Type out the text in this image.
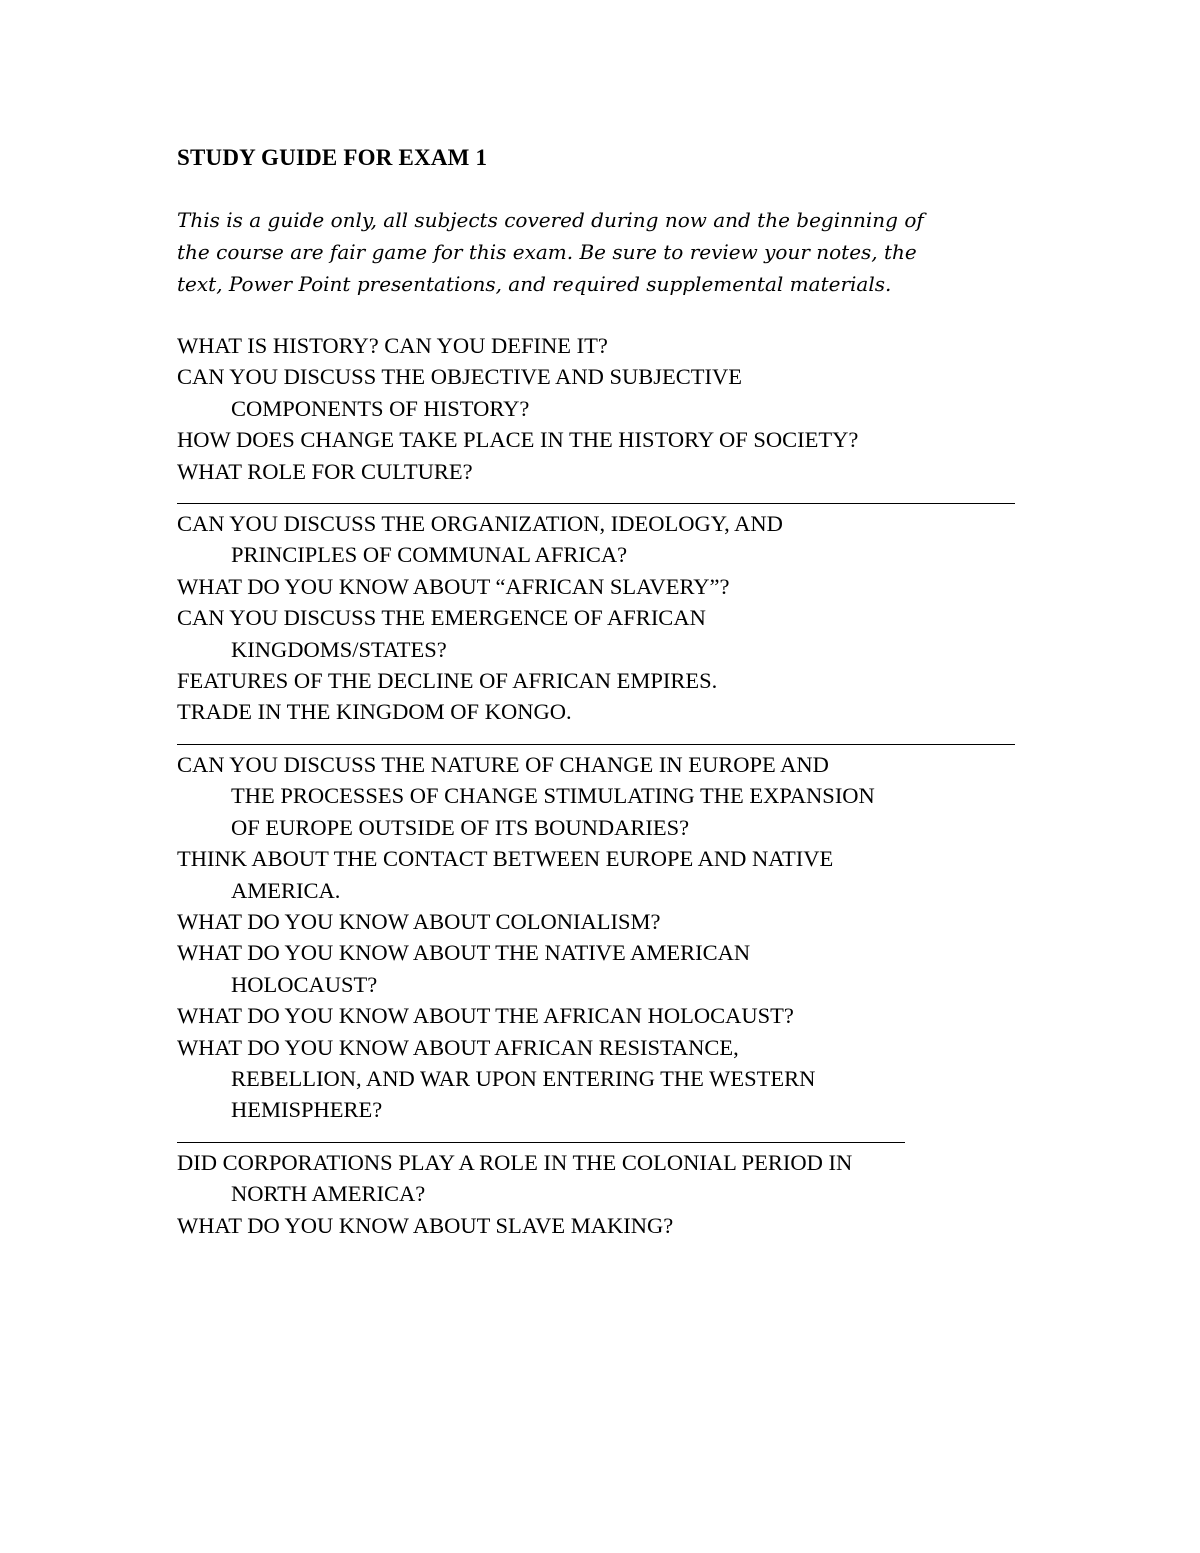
STUDY GUIDE FOR EXAM 1
This is a guide only, all subjects covered during now and the beginning of
the course are fair game for this exam. Be sure to review your notes, the
text, Power Point presentations, and required supplemental materials.
WHAT IS HISTORY? CAN YOU DEFINE IT?
CAN YOU DISCUSS THE OBJECTIVE AND SUBJECTIVE
COMPONENTS OF HISTORY?
HOW DOES CHANGE TAKE PLACE IN THE HISTORY OF SOCIETY?
WHAT ROLE FOR CULTURE?
CAN YOU DISCUSS THE ORGANIZATION, IDEOLOGY, AND
PRINCIPLES OF COMMUNAL AFRICA?
WHAT DO YOU KNOW ABOUT “AFRICAN SLAVERY”?
CAN YOU DISCUSS THE EMERGENCE OF AFRICAN
KINGDOMS/STATES?
FEATURES OF THE DECLINE OF AFRICAN EMPIRES.
TRADE IN THE KINGDOM OF KONGO.
CAN YOU DISCUSS THE NATURE OF CHANGE IN EUROPE AND
THE PROCESSES OF CHANGE STIMULATING THE EXPANSION
OF EUROPE OUTSIDE OF ITS BOUNDARIES?
THINK ABOUT THE CONTACT BETWEEN EUROPE AND NATIVE
AMERICA.
WHAT DO YOU KNOW ABOUT COLONIALISM?
WHAT DO YOU KNOW ABOUT THE NATIVE AMERICAN
HOLOCAUST?
WHAT DO YOU KNOW ABOUT THE AFRICAN HOLOCAUST?
WHAT DO YOU KNOW ABOUT AFRICAN RESISTANCE,
REBELLION, AND WAR UPON ENTERING THE WESTERN
HEMISPHERE?
DID CORPORATIONS PLAY A ROLE IN THE COLONIAL PERIOD IN
NORTH AMERICA?
WHAT DO YOU KNOW ABOUT SLAVE MAKING?
